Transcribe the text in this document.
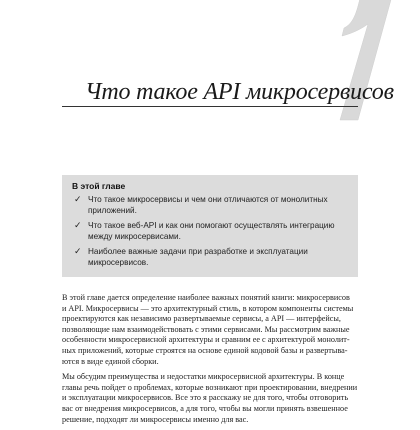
Что такое API микросервисов
В этой главе
✓ Что такое микросервисы и чем они отличаются от монолитных
приложений.
✓ Что такое веб-API и как они помогают осуществлять интеграцию
между микросервисами.
✓ Наиболее важные задачи при разработке и эксплуатации
микросервисов.

В этой главе дается определение наиболее важных понятий книги: микросервисов
и API. Микросервисы — это архитектурный стиль, в котором компоненты системы
проектируются как независимо развертываемые сервисы, а API — интерфейсы,
позволяющие нам взаимодействовать с этими сервисами. Мы рассмотрим важные
особенности микросервисной архитектуры и сравним ее с архитектурой монолит-
ных приложений, которые строятся на основе единой кодовой базы и развертыва-
ются в виде единой сборки.

Мы обсудим преимущества и недостатки микросервисной архитектуры. В конце
главы речь пойдет о проблемах, которые возникают при проектировании, внедрении
и эксплуатации микросервисов. Все это я расскажу не для того, чтобы отговорить
вас от внедрения микросервисов, а для того, чтобы вы могли принять взвешенное
решение, подходят ли микросервисы именно для вас.
